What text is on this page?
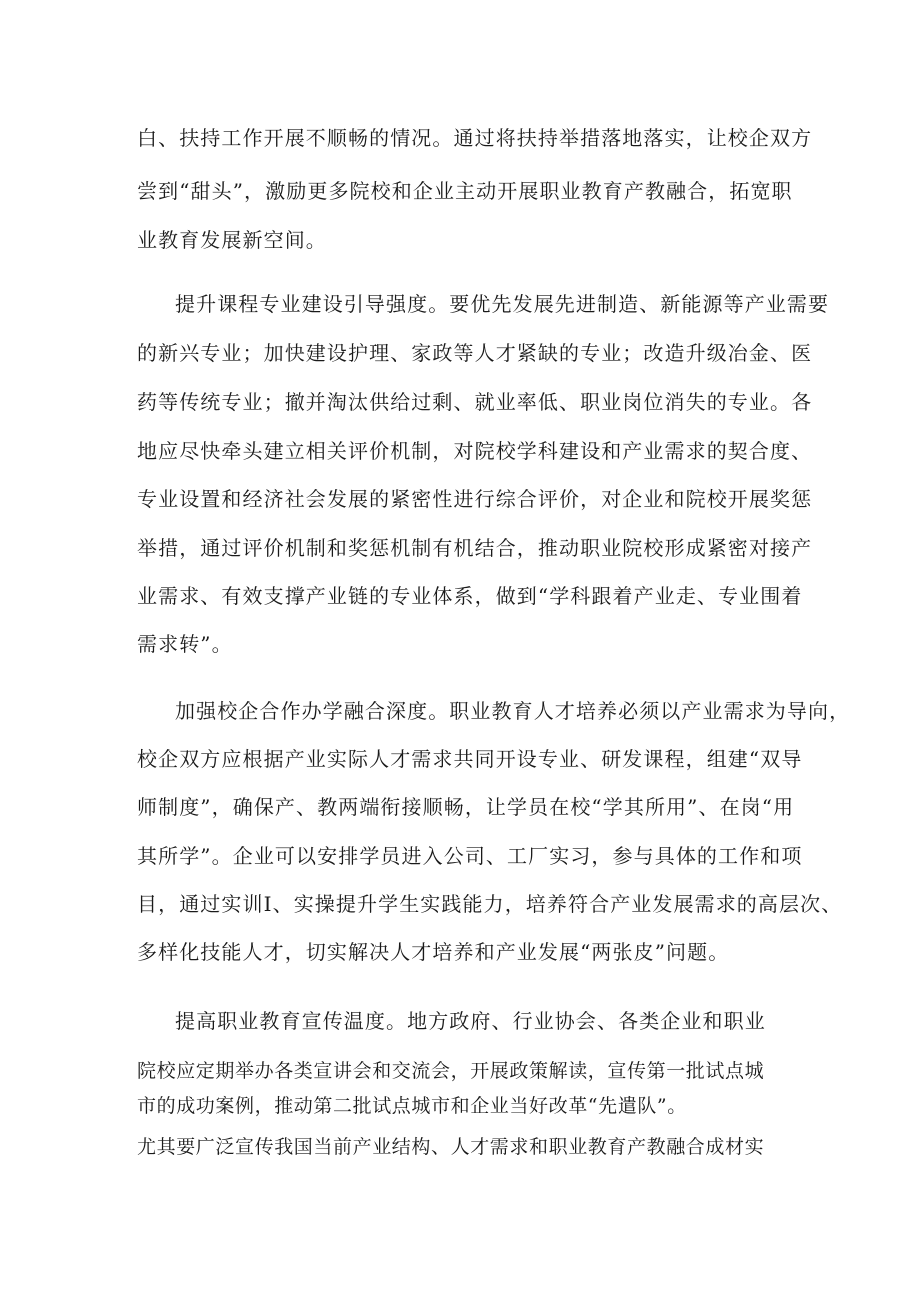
白、扶持工作开展不顺畅的情况。通过将扶持举措落地落实，让校企双方
尝到“甜头”，激励更多院校和企业主动开展职业教育产教融合，拓宽职
业教育发展新空间。
提升课程专业建设引导强度。要优先发展先进制造、新能源等产业需要
的新兴专业；加快建设护理、家政等人才紧缺的专业；改造升级冶金、医
药等传统专业；撤并淘汰供给过剩、就业率低、职业岗位消失的专业。各
地应尽快牵头建立相关评价机制，对院校学科建设和产业需求的契合度、
专业设置和经济社会发展的紧密性进行综合评价，对企业和院校开展奖惩
举措，通过评价机制和奖惩机制有机结合，推动职业院校形成紧密对接产
业需求、有效支撑产业链的专业体系，做到“学科跟着产业走、专业围着
需求转”。
加强校企合作办学融合深度。职业教育人才培养必须以产业需求为导向，
校企双方应根据产业实际人才需求共同开设专业、研发课程，组建“双导
师制度”，确保产、教两端衔接顺畅，让学员在校“学其所用”、在岗“用
其所学”。企业可以安排学员进入公司、工厂实习，参与具体的工作和项
目，通过实训Ⅰ、实操提升学生实践能力，培养符合产业发展需求的高层次、
多样化技能人才，切实解决人才培养和产业发展“两张皮”问题。
提高职业教育宣传温度。地方政府、行业协会、各类企业和职业
院校应定期举办各类宣讲会和交流会，开展政策解读，宣传第一批试点城
市的成功案例，推动第二批试点城市和企业当好改革“先遣队”。
尤其要广泛宣传我国当前产业结构、人才需求和职业教育产教融合成材实
